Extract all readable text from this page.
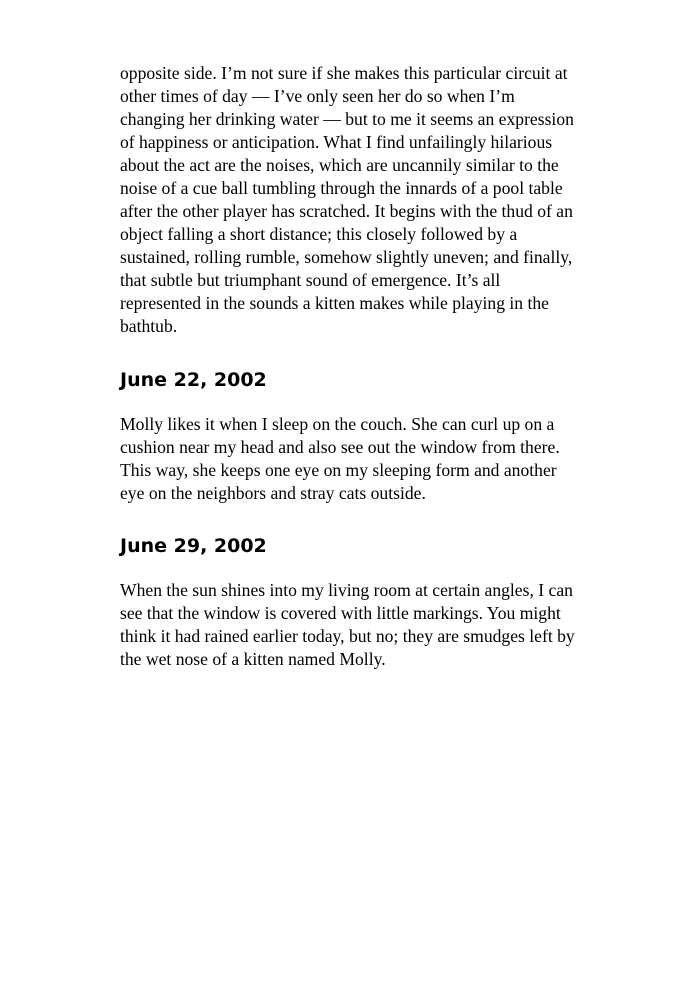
opposite side. I’m not sure if she makes this particular circuit at
other times of day — I’ve only seen her do so when I’m
changing her drinking water — but to me it seems an expression
of happiness or anticipation. What I find unfailingly hilarious
about the act are the noises, which are uncannily similar to the
noise of a cue ball tumbling through the innards of a pool table
after the other player has scratched. It begins with the thud of an
object falling a short distance; this closely followed by a
sustained, rolling rumble, somehow slightly uneven; and finally,
that subtle but triumphant sound of emergence. It’s all
represented in the sounds a kitten makes while playing in the
bathtub.

June 22, 2002

Molly likes it when I sleep on the couch. She can curl up on a
cushion near my head and also see out the window from there.
This way, she keeps one eye on my sleeping form and another
eye on the neighbors and stray cats outside.

June 29, 2002

When the sun shines into my living room at certain angles, I can
see that the window is covered with little markings. You might
think it had rained earlier today, but no; they are smudges left by
the wet nose of a kitten named Molly.
